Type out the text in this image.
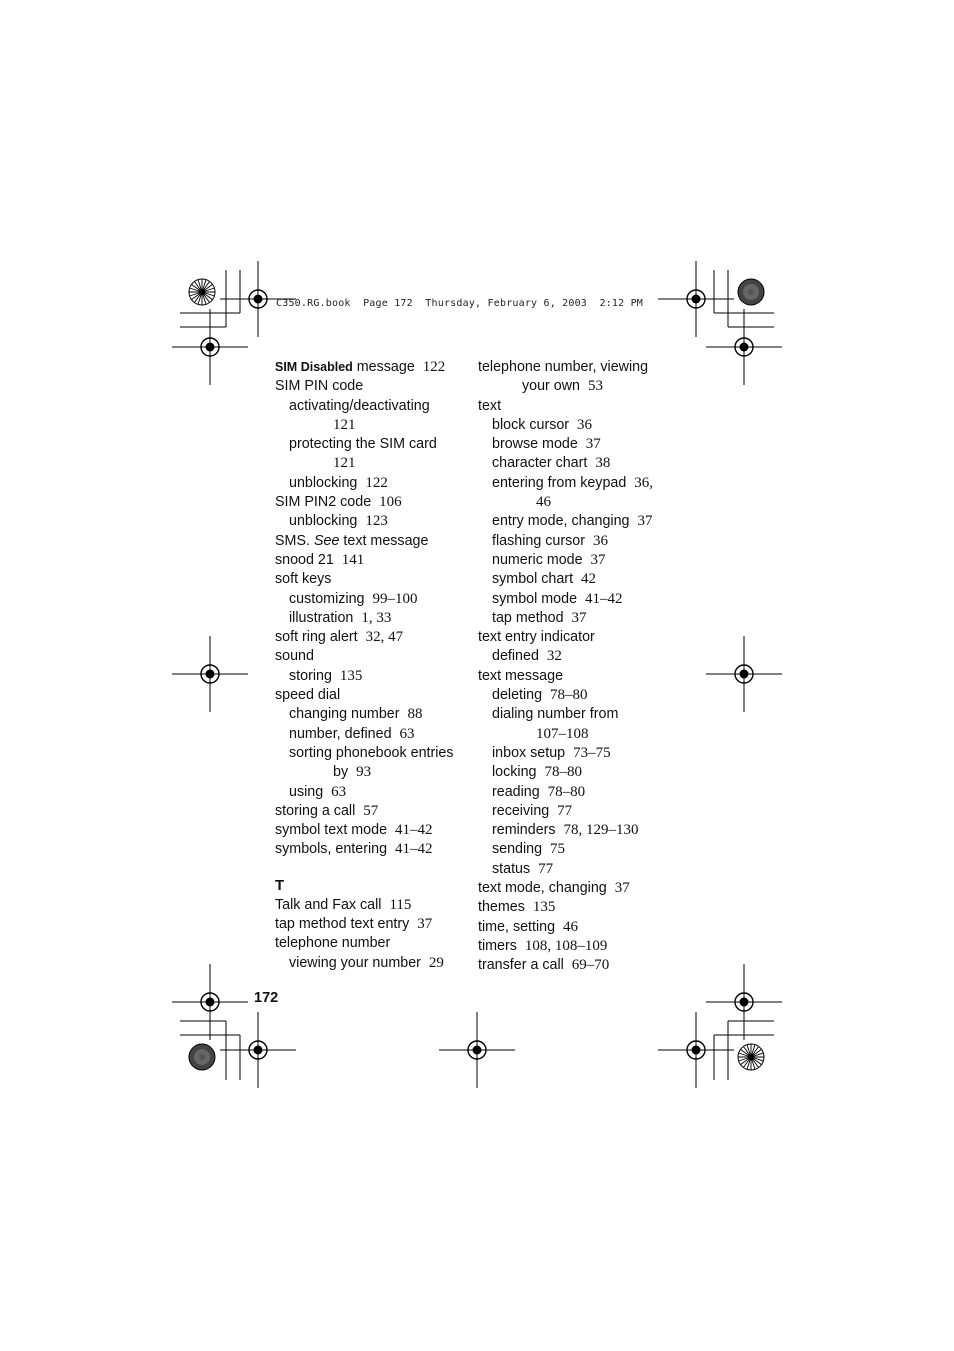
C350.RG.book  Page 172  Thursday, February 6, 2003  2:12 PM
SIM Disabled message 122
SIM PIN code
activating/deactivating
121
protecting the SIM card
121
unblocking 122
SIM PIN2 code 106
unblocking 123
SMS. See text message
snood 21 141
soft keys
customizing 99–100
illustration 1, 33
soft ring alert 32, 47
sound
storing 135
speed dial
changing number 88
number, defined 63
sorting phonebook entries
by 93
using 63
storing a call 57
symbol text mode 41–42
symbols, entering 41–42
T
Talk and Fax call 115
tap method text entry 37
telephone number
viewing your number 29
telephone number, viewing
your own 53
text
block cursor 36
browse mode 37
character chart 38
entering from keypad 36,
46
entry mode, changing 37
flashing cursor 36
numeric mode 37
symbol chart 42
symbol mode 41–42
tap method 37
text entry indicator
defined 32
text message
deleting 78–80
dialing number from
107–108
inbox setup 73–75
locking 78–80
reading 78–80
receiving 77
reminders 78, 129–130
sending 75
status 77
text mode, changing 37
themes 135
time, setting 46
timers 108, 108–109
transfer a call 69–70
172
